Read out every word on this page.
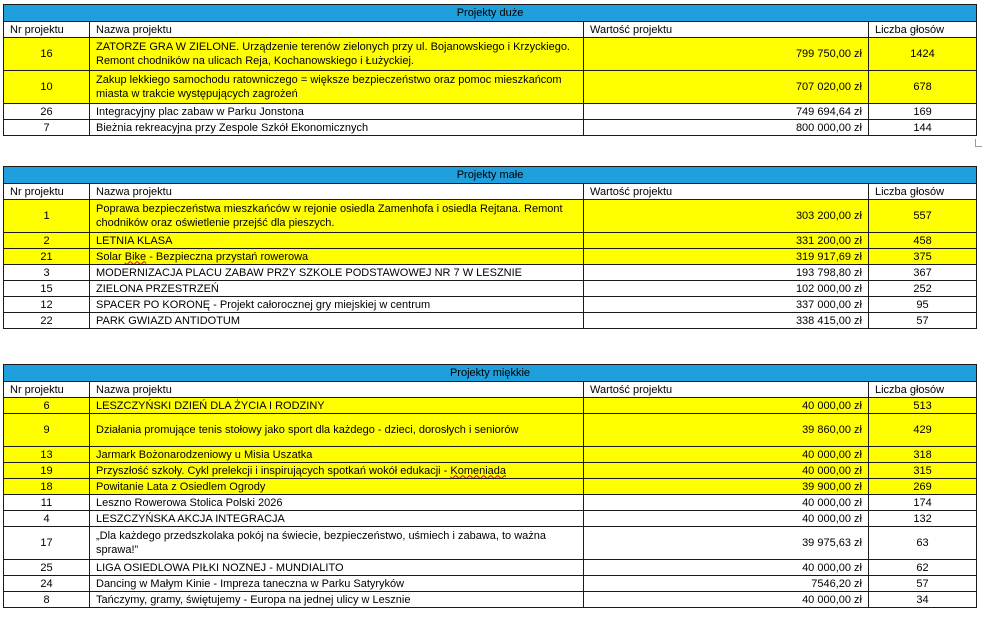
Projekty duże			
Nr projektu	Nazwa projektu	Wartość projektu	Liczba głosów
16	ZATORZE GRA W ZIELONE. Urządzenie terenów zielonych przy ul. Bojanowskiego i Krzyckiego. Remont chodników na ulicach Reja, Kochanowskiego i Łużyckiej.	799 750,00 zł	1424
10	Zakup lekkiego samochodu ratowniczego = większe bezpieczeństwo oraz pomoc mieszkańcom miasta w trakcie występujących zagrożeń	707 020,00 zł	678
26	Integracyjny plac zabaw w Parku Jonstona	749 694,64 zł	169
7	Bieżnia rekreacyjna przy Zespole Szkół Ekonomicznych	800 000,00 zł	144
Projekty małe			
Nr projektu	Nazwa projektu	Wartość projektu	Liczba głosów
1	Poprawa bezpieczeństwa mieszkańców w rejonie osiedla Zamenhofa i osiedla Rejtana. Remont chodników oraz oświetlenie przejść dla pieszych.	303 200,00 zł	557
2	LETNIA KLASA	331 200,00 zł	458
21	Solar Bike - Bezpieczna przystań rowerowa	319 917,69 zł	375
3	MODERNIZACJA PLACU ZABAW PRZY SZKOLE PODSTAWOWEJ NR 7 W LESZNIE	193 798,80 zł	367
15	ZIELONA PRZESTRZEŃ	102 000,00 zł	252
12	SPACER PO KORONĘ - Projekt całorocznej gry miejskiej w centrum	337 000,00 zł	95
22	PARK GWIAZD ANTIDOTUM	338 415,00 zł	57
Projekty miękkie			
Nr projektu	Nazwa projektu	Wartość projektu	Liczba głosów
6	LESZCZYŃSKI DZIEŃ DLA ŻYCIA I RODZINY	40 000,00 zł	513
9	Działania promujące tenis stołowy jako sport dla każdego - dzieci, dorosłych i seniorów	39 860,00 zł	429
13	Jarmark Bożonarodzeniowy u Misia Uszatka	40 000,00 zł	318
19	Przyszłość szkoły. Cykl prelekcji i inspirujących spotkań wokół edukacji - Komeniada	40 000,00 zł	315
18	Powitanie Lata z Osiedlem Ogrody	39 900,00 zł	269
11	Leszno Rowerowa Stolica Polski 2026	40 000,00 zł	174
4	LESZCZYŃSKA AKCJA INTEGRACJA	40 000,00 zł	132
17	„Dla każdego przedszkolaka pokój na świecie, bezpieczeństwo, uśmiech i zabawa, to ważna sprawa!”	39 975,63 zł	63
25	LIGA OSIEDLOWA PIŁKI NOZNEJ - MUNDIALITO	40 000,00 zł	62
24	Dancing w Małym Kinie - Impreza taneczna w Parku Satyryków	7546,20 zł	57
8	Tańczymy, gramy, świętujemy - Europa na jednej ulicy w Lesznie	40 000,00 zł	34
